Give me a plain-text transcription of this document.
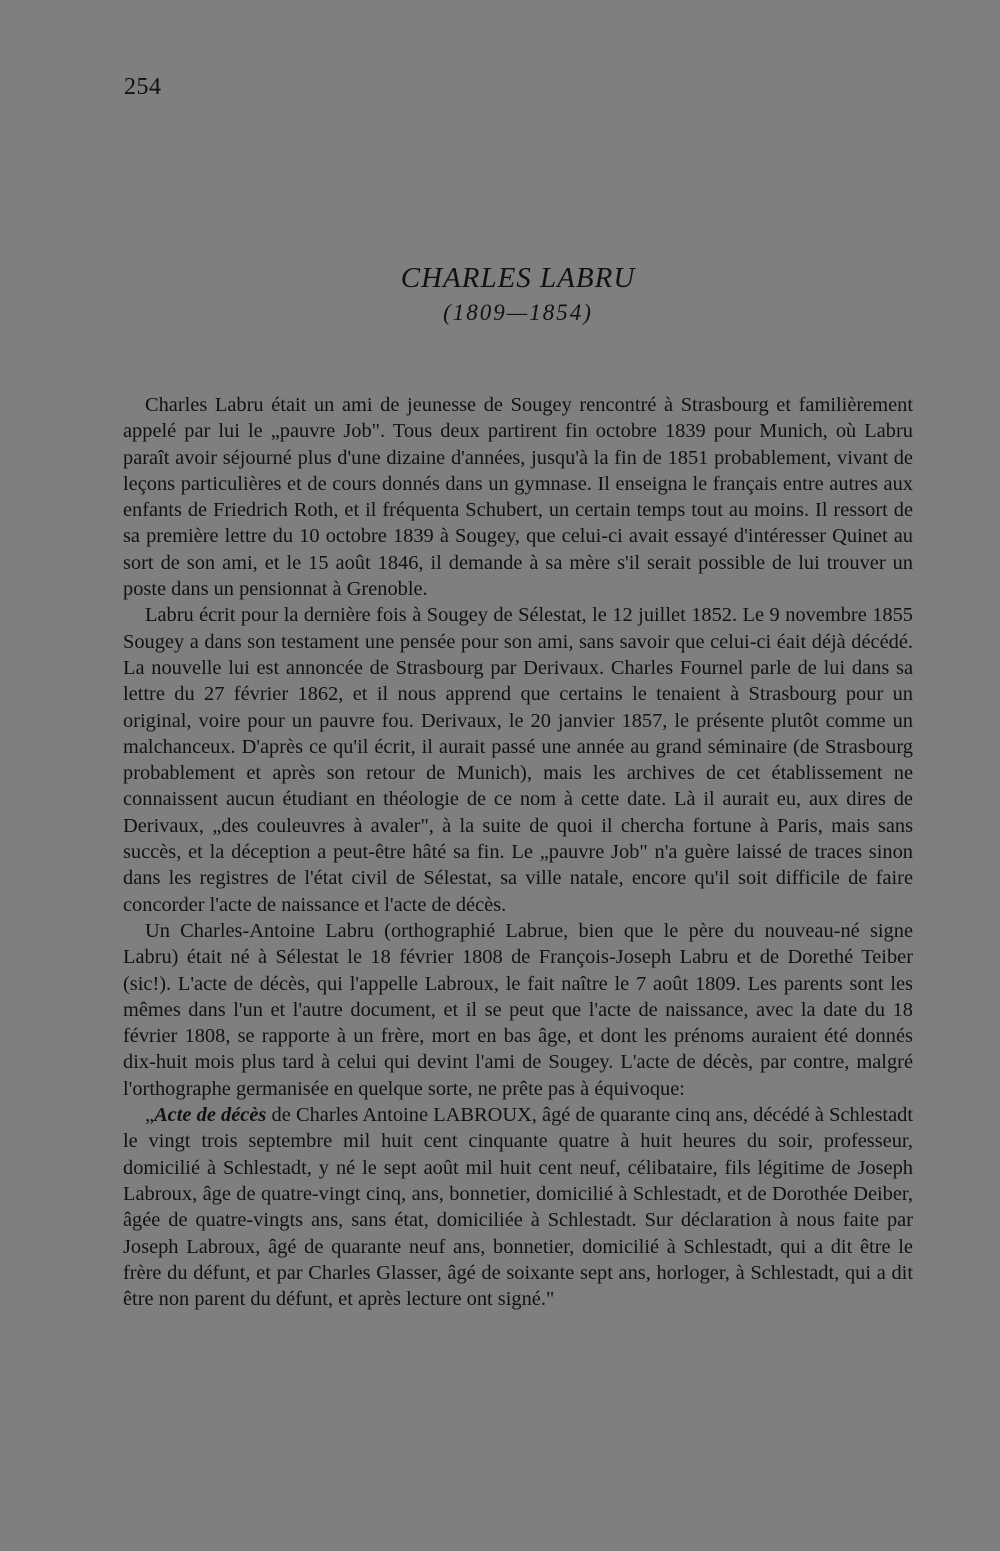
254
CHARLES LABRU
(1809—1854)

Charles Labru était un ami de jeunesse de Sougey rencontré à Strasbourg et familièrement appelé par lui le „pauvre Job". Tous deux partirent fin octobre 1839 pour Munich, où Labru paraît avoir séjourné plus d'une dizaine d'années, jusqu'à la fin de 1851 probablement, vivant de leçons particulières et de cours donnés dans un gymnase. Il enseigna le français entre autres aux enfants de Friedrich Roth, et il fréquenta Schubert, un certain temps tout au moins. Il ressort de sa première lettre du 10 octobre 1839 à Sougey, que celui-ci avait essayé d'intéresser Quinet au sort de son ami, et le 15 août 1846, il demande à sa mère s'il serait possible de lui trouver un poste dans un pensionnat à Grenoble.

Labru écrit pour la dernière fois à Sougey de Sélestat, le 12 juillet 1852. Le 9 novembre 1855 Sougey a dans son testament une pensée pour son ami, sans savoir que celui-ci éait déjà décédé. La nouvelle lui est annoncée de Strasbourg par Derivaux. Charles Fournel parle de lui dans sa lettre du 27 février 1862, et il nous apprend que certains le tenaient à Strasbourg pour un original, voire pour un pauvre fou. Derivaux, le 20 janvier 1857, le présente plutôt comme un malchanceux. D'après ce qu'il écrit, il aurait passé une année au grand séminaire (de Strasbourg probablement et après son retour de Munich), mais les archives de cet établissement ne connaissent aucun étudiant en théologie de ce nom à cette date. Là il aurait eu, aux dires de Derivaux, „des couleuvres à avaler", à la suite de quoi il chercha fortune à Paris, mais sans succès, et la déception a peut-être hâté sa fin. Le „pauvre Job" n'a guère laissé de traces sinon dans les registres de l'état civil de Sélestat, sa ville natale, encore qu'il soit difficile de faire concorder l'acte de naissance et l'acte de décès.

Un Charles-Antoine Labru (orthographié Labrue, bien que le père du nouveau-né signe Labru) était né à Sélestat le 18 février 1808 de François-Joseph Labru et de Dorethé Teiber (sic!). L'acte de décès, qui l'appelle Labroux, le fait naître le 7 août 1809. Les parents sont les mêmes dans l'un et l'autre document, et il se peut que l'acte de naissance, avec la date du 18 février 1808, se rapporte à un frère, mort en bas âge, et dont les prénoms auraient été donnés dix-huit mois plus tard à celui qui devint l'ami de Sougey. L'acte de décès, par contre, malgré l'orthographe germanisée en quelque sorte, ne prête pas à équivoque:

„Acte de décès de Charles Antoine LABROUX, âgé de quarante cinq ans, décédé à Schlestadt le vingt trois septembre mil huit cent cinquante quatre à huit heures du soir, professeur, domicilié à Schlestadt, y né le sept août mil huit cent neuf, célibataire, fils légitime de Joseph Labroux, âge de quatre-vingt cinq, ans, bonnetier, domicilié à Schlestadt, et de Dorothée Deiber, âgée de quatre-vingts ans, sans état, domiciliée à Schlestadt. Sur déclaration à nous faite par Joseph Labroux, âgé de quarante neuf ans, bonnetier, domicilié à Schlestadt, qui a dit être le frère du défunt, et par Charles Glasser, âgé de soixante sept ans, horloger, à Schlestadt, qui a dit être non parent du défunt, et après lecture ont signé."
